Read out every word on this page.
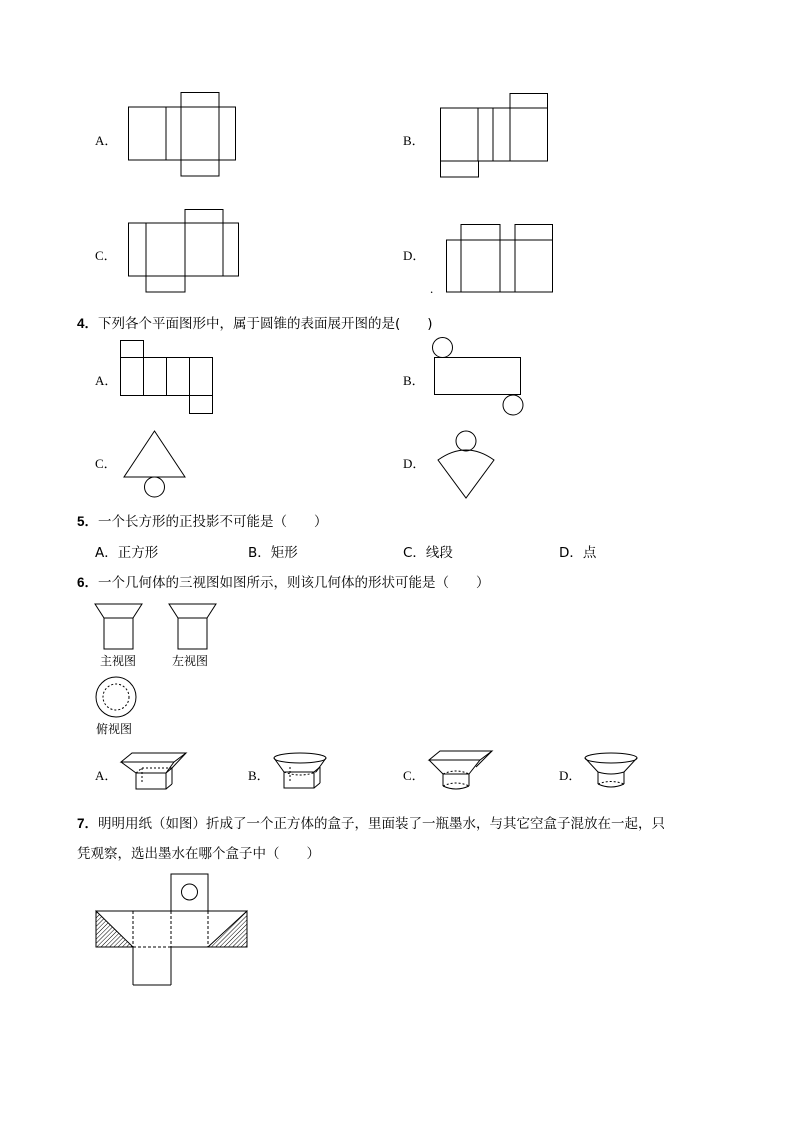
A．	B．
C．	D．
.
4．下列各个平面图形中，属于圆锥的表面展开图的是(　　)
A．	B．
C．	D．
5．一个长方形的正投影不可能是（　　）
A．正方形	B．矩形	C．线段	D．点
6．一个几何体的三视图如图所示，则该几何体的形状可能是（　　）
主视图	左视图
俯视图
A．	B．	C．	D．
7．明明用纸（如图）折成了一个正方体的盒子，里面装了一瓶墨水，与其它空盒子混放在一起，只
凭观察，选出墨水在哪个盒子中（　　）
